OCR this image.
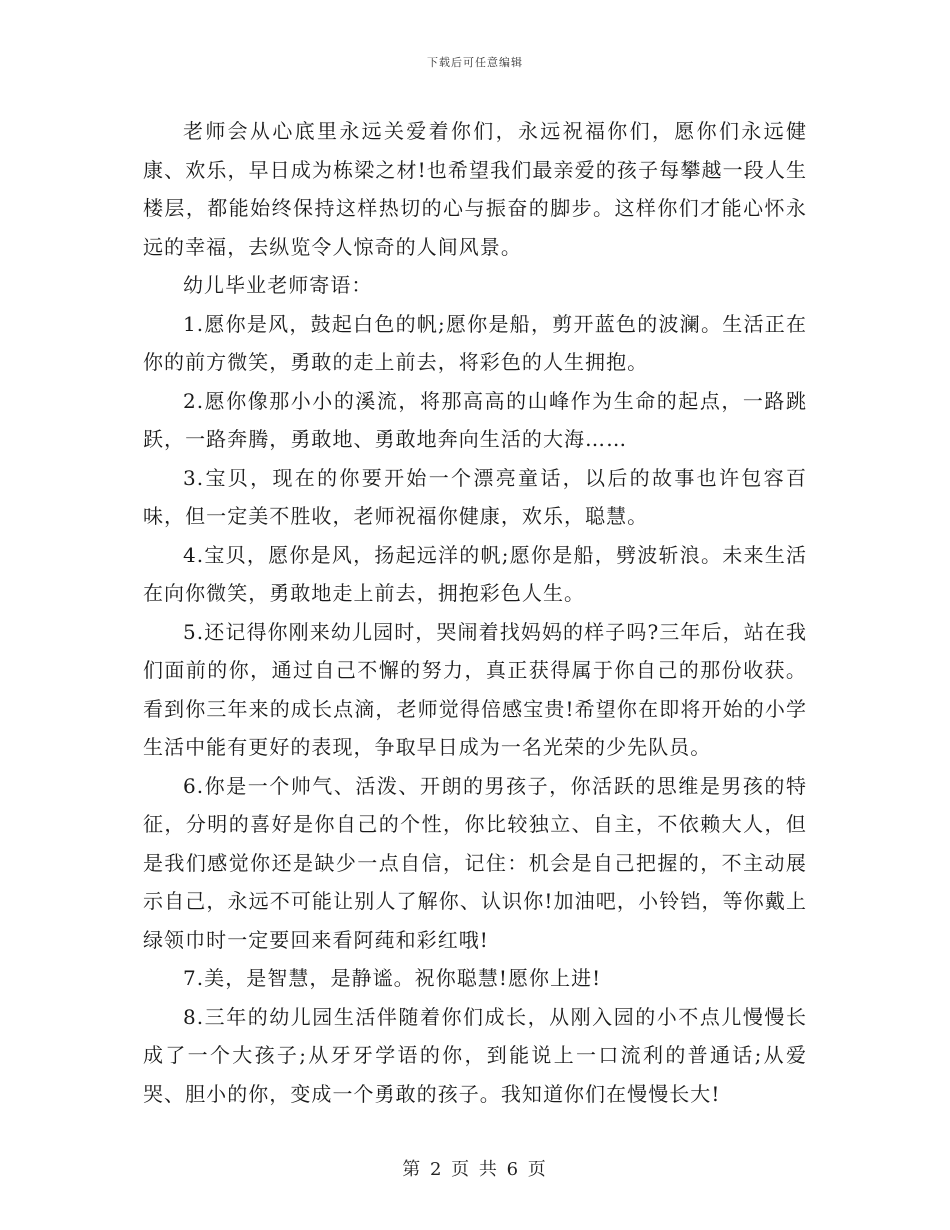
下载后可任意编辑

老师会从心底里永远关爱着你们，永远祝福你们，愿你们永远健康、欢乐，早日成为栋梁之材!也希望我们最亲爱的孩子每攀越一段人生楼层，都能始终保持这样热切的心与振奋的脚步。这样你们才能心怀永远的幸福，去纵览令人惊奇的人间风景。

幼儿毕业老师寄语：

1.愿你是风，鼓起白色的帆;愿你是船，剪开蓝色的波澜。生活正在你的前方微笑，勇敢的走上前去，将彩色的人生拥抱。

2.愿你像那小小的溪流，将那高高的山峰作为生命的起点，一路跳跃，一路奔腾，勇敢地、勇敢地奔向生活的大海……

3.宝贝，现在的你要开始一个漂亮童话，以后的故事也许包容百味，但一定美不胜收，老师祝福你健康，欢乐，聪慧。

4.宝贝，愿你是风，扬起远洋的帆;愿你是船，劈波斩浪。未来生活在向你微笑，勇敢地走上前去，拥抱彩色人生。

5.还记得你刚来幼儿园时，哭闹着找妈妈的样子吗?三年后，站在我们面前的你，通过自己不懈的努力，真正获得属于你自己的那份收获。看到你三年来的成长点滴，老师觉得倍感宝贵!希望你在即将开始的小学生活中能有更好的表现，争取早日成为一名光荣的少先队员。

6.你是一个帅气、活泼、开朗的男孩子，你活跃的思维是男孩的特征，分明的喜好是你自己的个性，你比较独立、自主，不依赖大人，但是我们感觉你还是缺少一点自信，记住：机会是自己把握的，不主动展示自己，永远不可能让别人了解你、认识你!加油吧，小铃铛，等你戴上绿领巾时一定要回来看阿莼和彩红哦!

7.美，是智慧，是静谧。祝你聪慧!愿你上进!

8.三年的幼儿园生活伴随着你们成长，从刚入园的小不点儿慢慢长成了一个大孩子;从牙牙学语的你，到能说上一口流利的普通话;从爱哭、胆小的你，变成一个勇敢的孩子。我知道你们在慢慢长大!

第 2 页 共 6 页
